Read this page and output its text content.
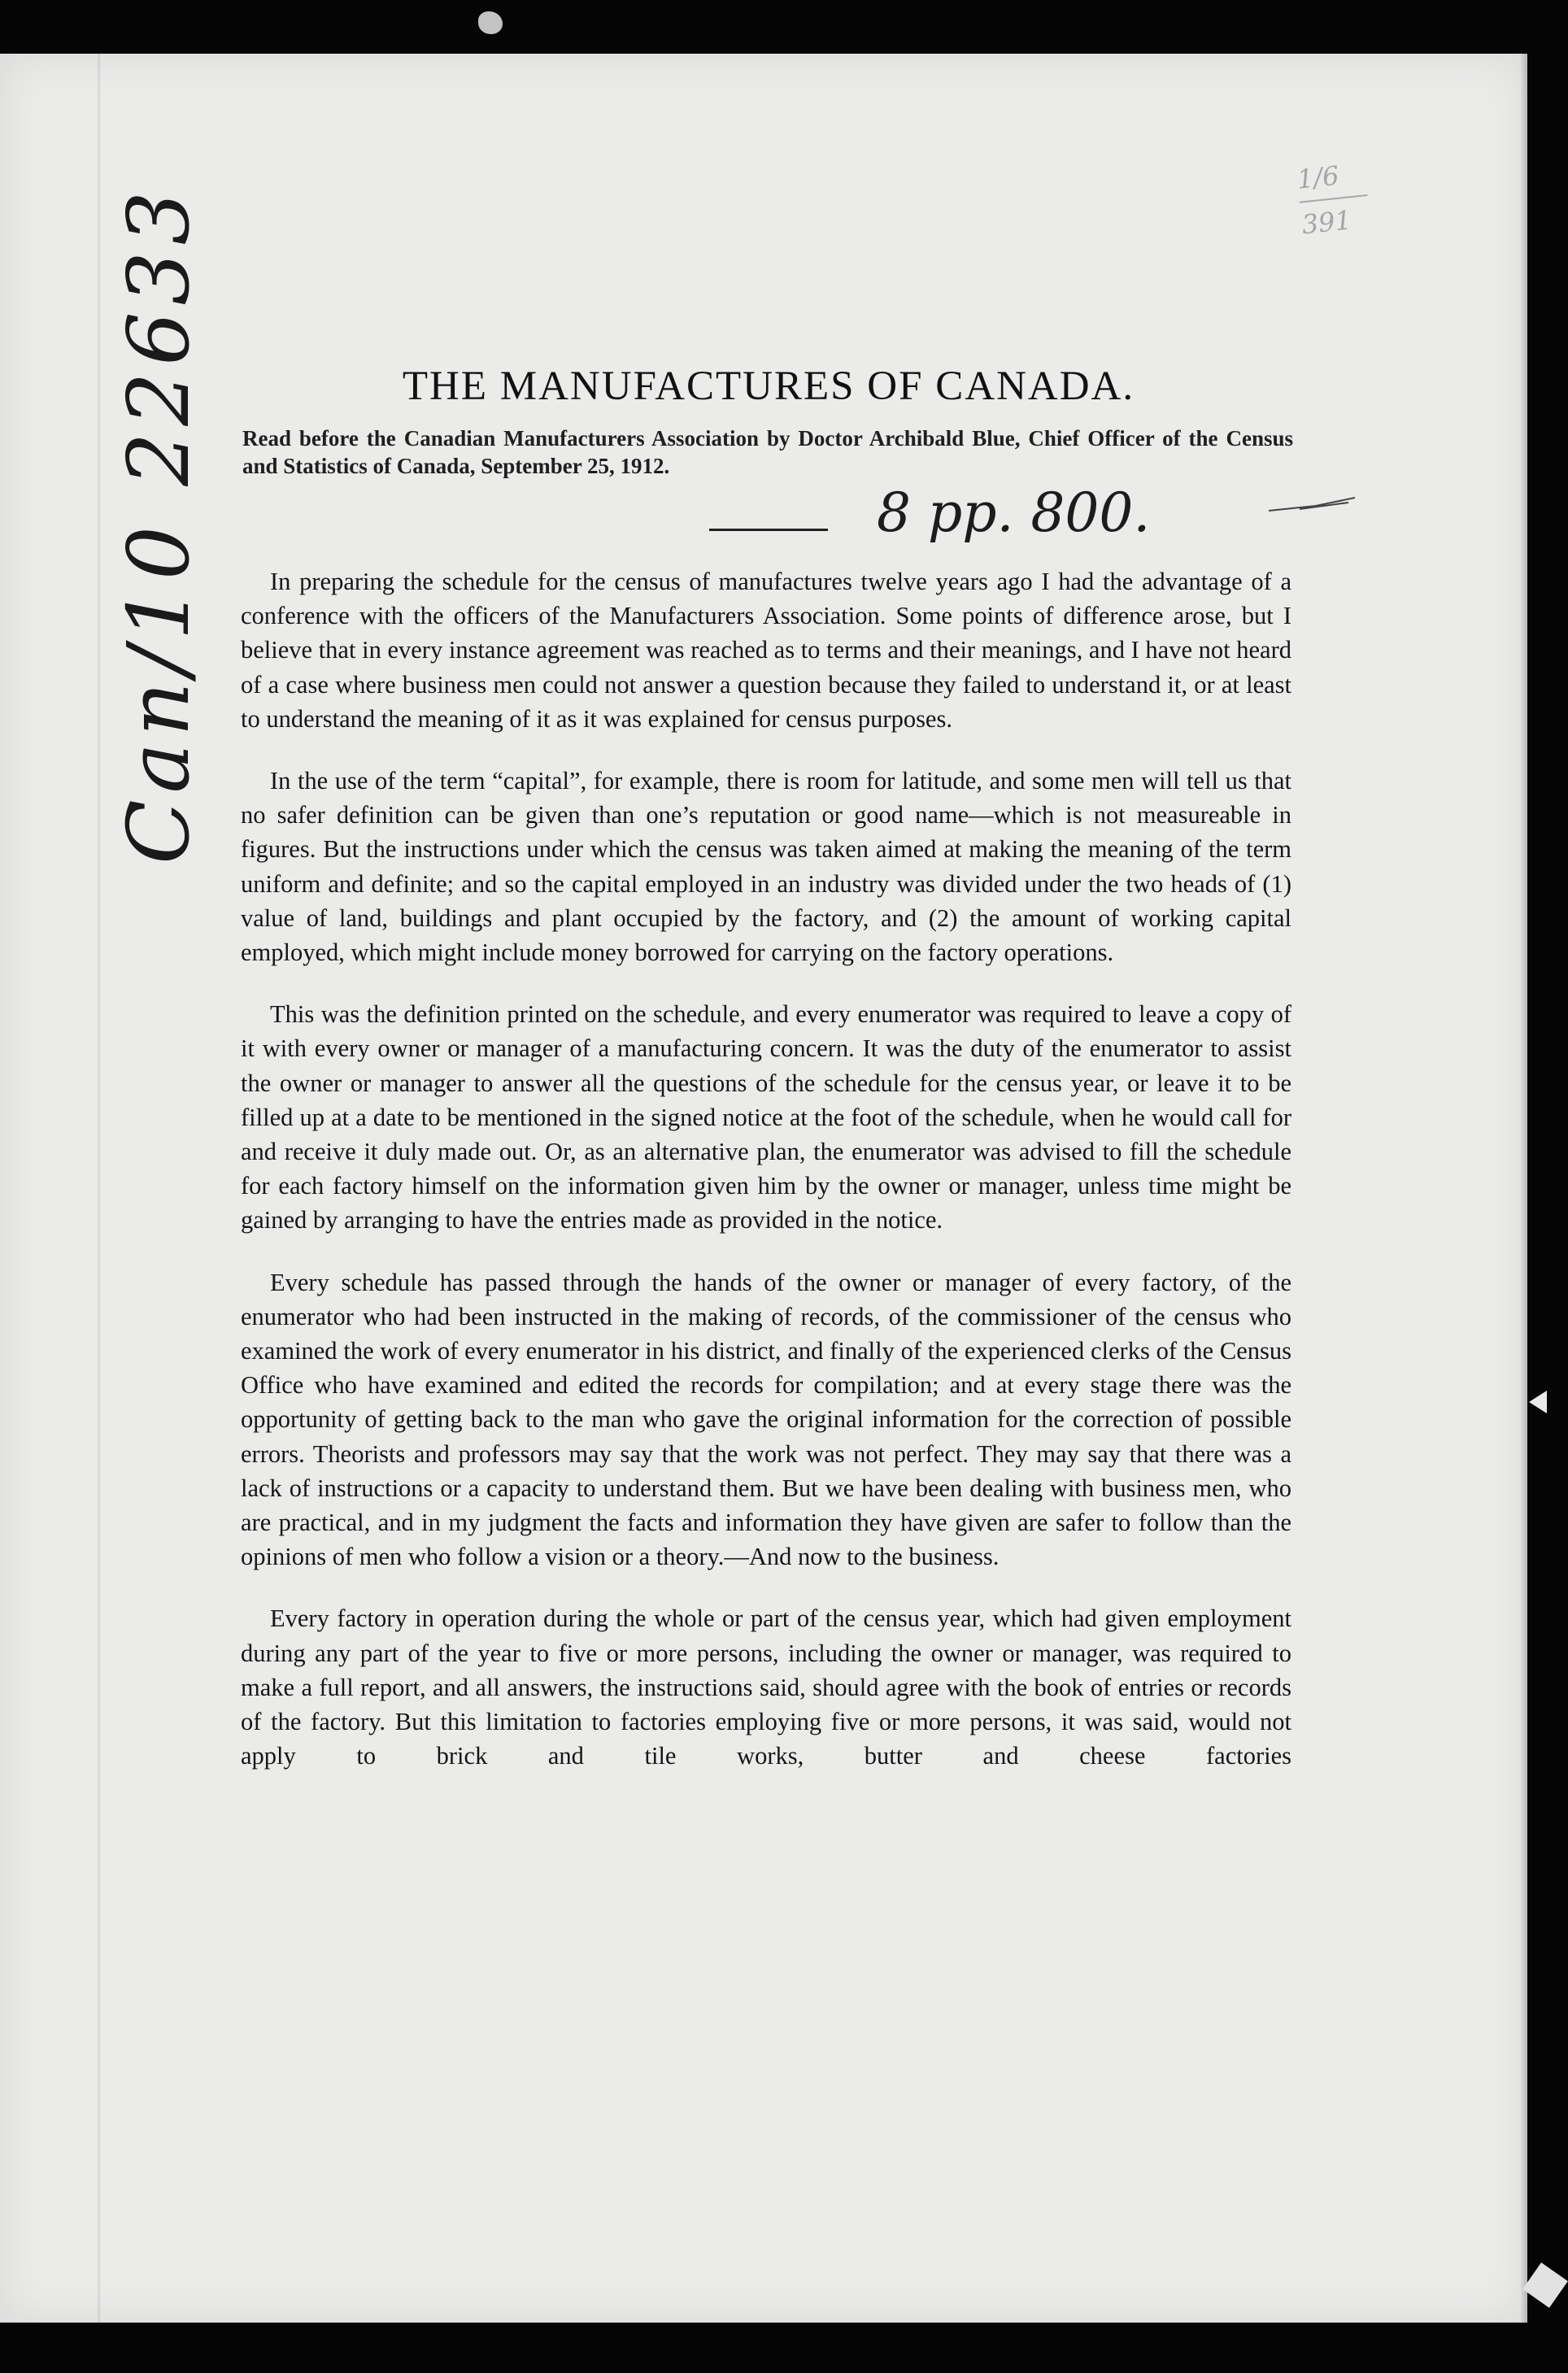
Can/10 22633
1/6
391
THE MANUFACTURES OF CANADA.
Read before the Canadian Manufacturers Association by Doctor Archibald Blue, Chief Officer of the Census and Statistics of Canada, September 25, 1912.
8 pp. 800.

In preparing the schedule for the census of manufactures twelve years ago I had the advantage of a conference with the officers of the Manufacturers Association. Some points of difference arose, but I believe that in every instance agreement was reached as to terms and their meanings, and I have not heard of a case where business men could not answer a question because they failed to understand it, or at least to understand the meaning of it as it was explained for census purposes.

In the use of the term “capital”, for example, there is room for latitude, and some men will tell us that no safer definition can be given than one’s reputation or good name—which is not measureable in figures. But the instructions under which the census was taken aimed at making the meaning of the term uniform and definite; and so the capital employed in an industry was divided under the two heads of (1) value of land, buildings and plant occupied by the factory, and (2) the amount of working capital employed, which might include money borrowed for carrying on the factory operations.

This was the definition printed on the schedule, and every enumerator was required to leave a copy of it with every owner or manager of a manufacturing concern. It was the duty of the enumerator to assist the owner or manager to answer all the questions of the schedule for the census year, or leave it to be filled up at a date to be mentioned in the signed notice at the foot of the schedule, when he would call for and receive it duly made out. Or, as an alternative plan, the enumerator was advised to fill the schedule for each factory himself on the information given him by the owner or manager, unless time might be gained by arranging to have the entries made as provided in the notice.

Every schedule has passed through the hands of the owner or manager of every factory, of the enumerator who had been instructed in the making of records, of the commissioner of the census who examined the work of every enumerator in his district, and finally of the experienced clerks of the Census Office who have examined and edited the records for compilation; and at every stage there was the opportunity of getting back to the man who gave the original information for the correction of possible errors. Theorists and professors may say that the work was not perfect. They may say that there was a lack of instructions or a capacity to understand them. But we have been dealing with business men, who are practical, and in my judgment the facts and information they have given are safer to follow than the opinions of men who follow a vision or a theory.—And now to the business.

Every factory in operation during the whole or part of the census year, which had given employment during any part of the year to five or more persons, including the owner or manager, was required to make a full report, and all answers, the instructions said, should agree with the book of entries or records of the factory. But this limitation to factories employing five or more persons, it was said, would not apply to brick and tile works, butter and cheese factories
